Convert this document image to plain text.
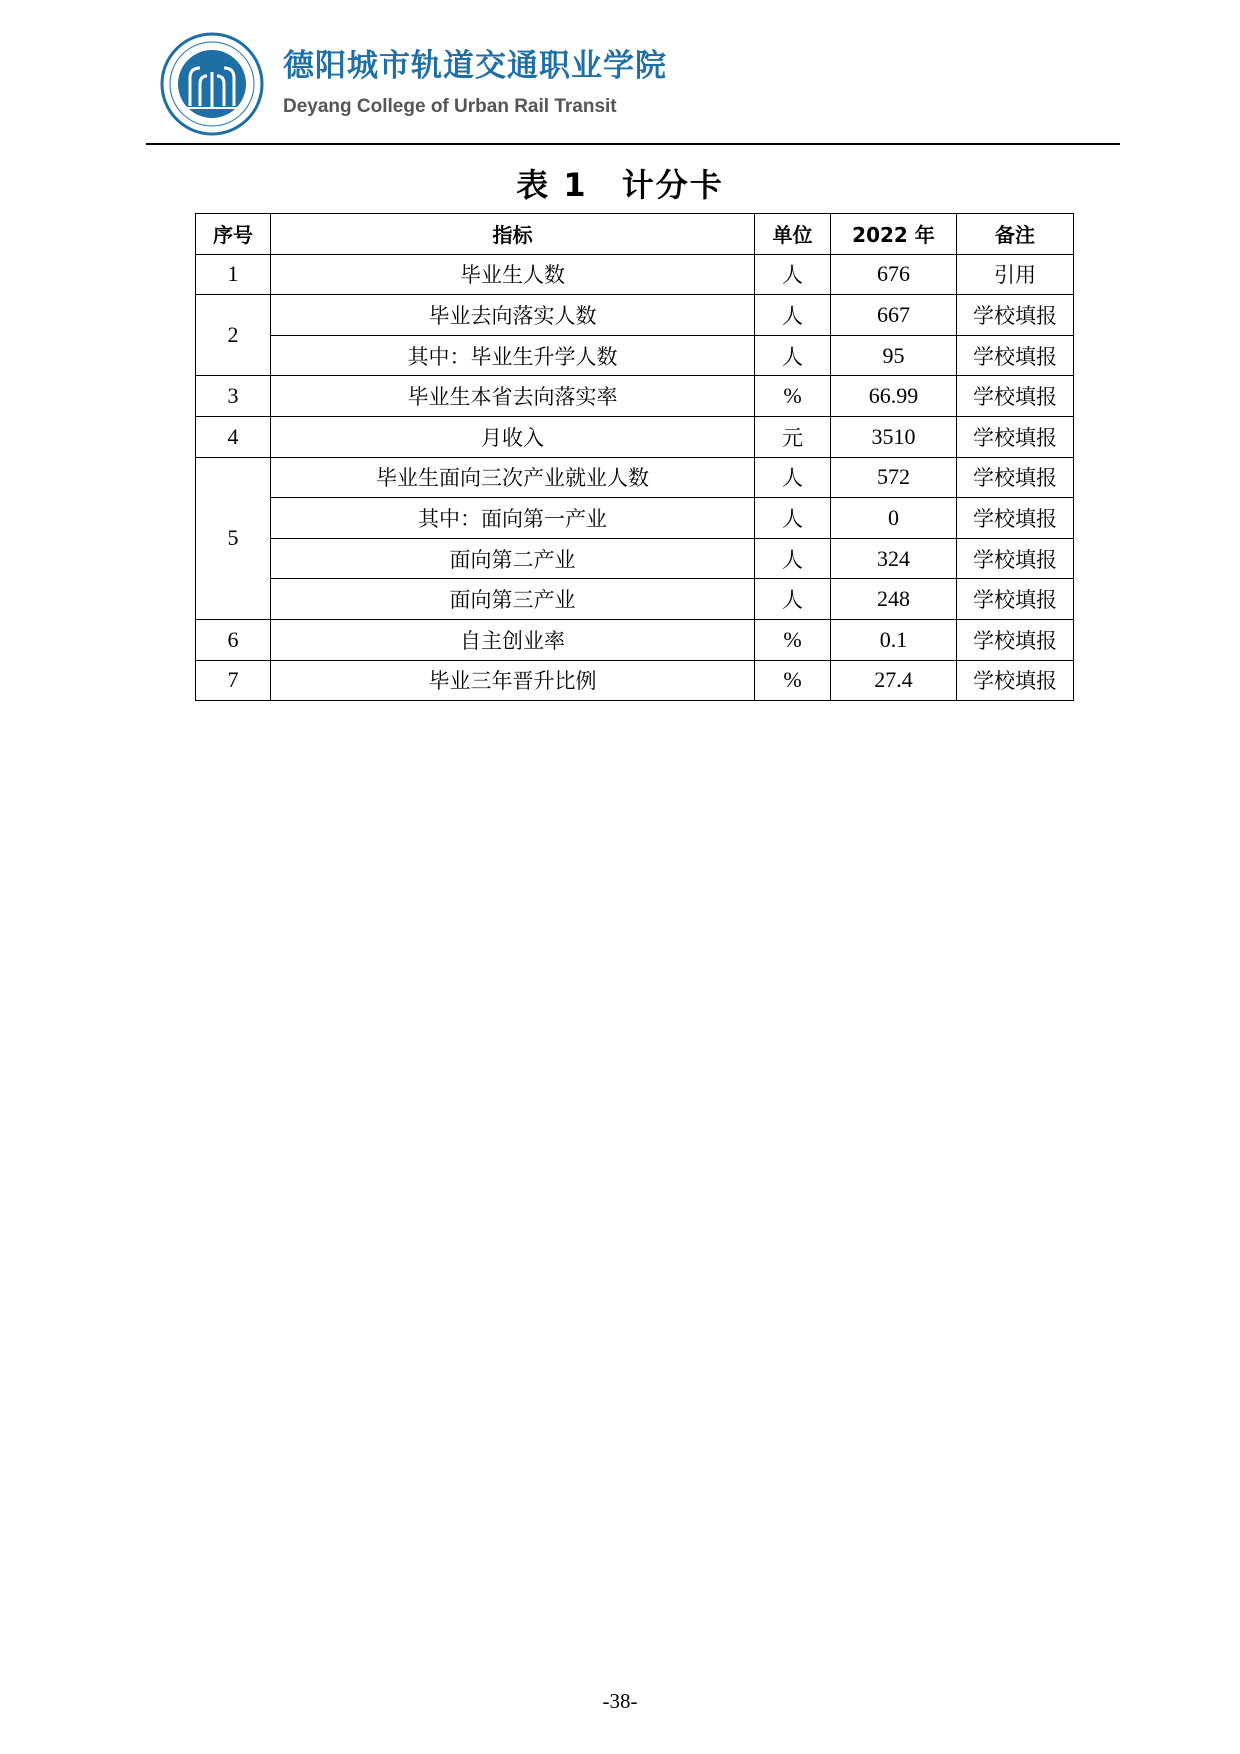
德阳城市轨道交通职业学院
Deyang College of Urban Rail Transit
表 1　计分卡
序号	指标	单位	2022 年	备注
1	毕业生人数	人	676	引用
2	毕业去向落实人数	人	667	学校填报
	其中：毕业生升学人数	人	95	学校填报
3	毕业生本省去向落实率	%	66.99	学校填报
4	月收入	元	3510	学校填报
5	毕业生面向三次产业就业人数	人	572	学校填报
	其中：面向第一产业	人	0	学校填报
	面向第二产业	人	324	学校填报
	面向第三产业	人	248	学校填报
6	自主创业率	%	0.1	学校填报
7	毕业三年晋升比例	%	27.4	学校填报
-38-
